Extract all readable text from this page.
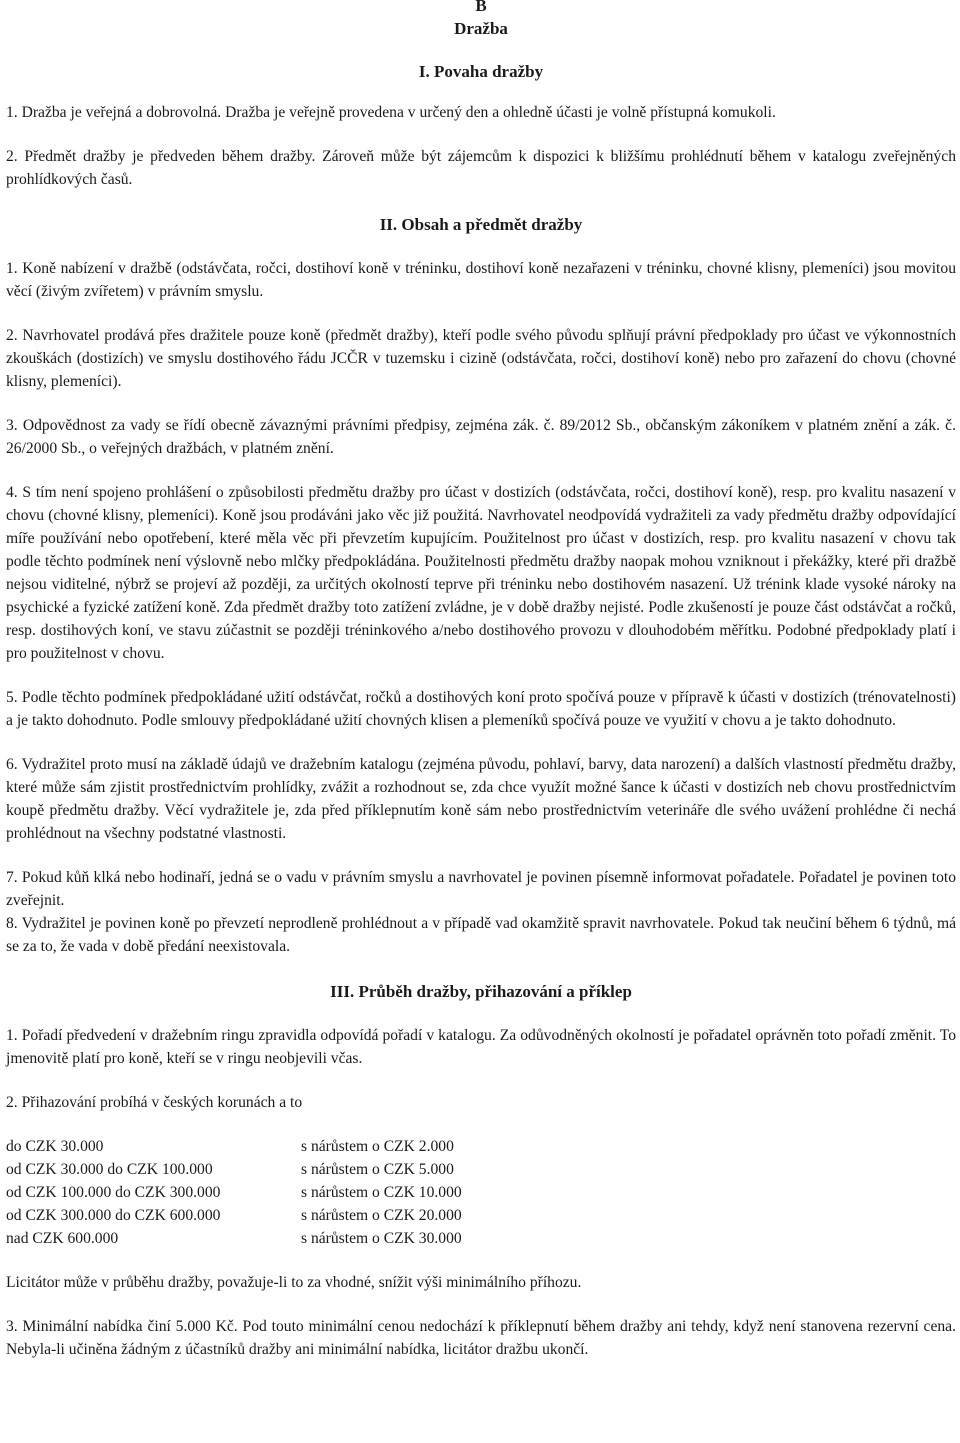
B

Dražba

I. Povaha dražby

1. Dražba je veřejná a dobrovolná. Dražba je veřejně provedena v určený den a ohledně účasti je volně přístupná komukoli.

2. Předmět dražby je předveden během dražby. Zároveň může být zájemcům k dispozici k bližšímu prohlédnutí během v katalogu zveřejněných prohlídkových časů.

II. Obsah a předmět dražby

1. Koně nabízení v dražbě (odstávčata, ročci, dostihoví koně v tréninku, dostihoví koně nezařazeni v tréninku, chovné klisny, plemeníci) jsou movitou věcí (živým zvířetem) v právním smyslu.

2. Navrhovatel prodává přes dražitele pouze koně (předmět dražby), kteří podle svého původu splňují právní předpoklady pro účast ve výkonnostních zkouškách (dostizích) ve smyslu dostihového řádu JCČR v tuzemsku i cizině (odstávčata, ročci, dostihoví koně) nebo pro zařazení do chovu (chovné klisny, plemeníci).

3. Odpovědnost za vady se řídí obecně závaznými právními předpisy, zejména zák. č. 89/2012 Sb., občanským zákoníkem v platném znění a zák. č. 26/2000 Sb., o veřejných dražbách, v platném znění.

4. S tím není spojeno prohlášení o způsobilosti předmětu dražby pro účast v dostizích (odstávčata, ročci, dostihoví koně), resp. pro kvalitu nasazení v chovu (chovné klisny, plemeníci). Koně jsou prodáváni jako věc již použitá. Navrhovatel neodpovídá vydražiteli za vady předmětu dražby odpovídající míře používání nebo opotřebení, které měla věc při převzetím kupujícím. Použitelnost pro účast v dostizích, resp. pro kvalitu nasazení v chovu tak podle těchto podmínek není výslovně nebo mlčky předpokládána. Použitelnosti předmětu dražby naopak mohou vzniknout i překážky, které při dražbě nejsou viditelné, nýbrž se projeví až později, za určitých okolností teprve při tréninku nebo dostihovém nasazení. Už trénink klade vysoké nároky na psychické a fyzické zatížení koně. Zda předmět dražby toto zatížení zvládne, je v době dražby nejisté. Podle zkušeností je pouze část odstávčat a ročků, resp. dostihových koní, ve stavu zúčastnit se později tréninkového a/nebo dostihového provozu v dlouhodobém měřítku. Podobné předpoklady platí i pro použitelnost v chovu.

5. Podle těchto podmínek předpokládané užití odstávčat, ročků a dostihových koní proto spočívá pouze v přípravě k účasti v dostizích (trénovatelnosti) a je takto dohodnuto. Podle smlouvy předpokládané užití chovných klisen a plemeníků spočívá pouze ve využití v chovu a je takto dohodnuto.

6. Vydražitel proto musí na základě údajů ve dražebním katalogu (zejména původu, pohlaví, barvy, data narození) a dalších vlastností předmětu dražby, které může sám zjistit prostřednictvím prohlídky, zvážit a rozhodnout se, zda chce využít možné šance k účasti v dostizích neb chovu prostřednictvím koupě předmětu dražby. Věcí vydražitele je, zda před příklepnutím koně sám nebo prostřednictvím veterináře dle svého uvážení prohlédne či nechá prohlédnout na všechny podstatné vlastnosti.

7. Pokud kůň klká nebo hodinaří, jedná se o vadu v právním smyslu a navrhovatel je povinen písemně informovat pořadatele. Pořadatel je povinen toto zveřejnit.

8. Vydražitel je povinen koně po převzetí neprodleně prohlédnout a v případě vad okamžitě spravit navrhovatele. Pokud tak neučiní během 6 týdnů, má se za to, že vada v době předání neexistovala.

III. Průběh dražby, přihazování a příklep

1. Pořadí předvedení v dražebním ringu zpravidla odpovídá pořadí v katalogu. Za odůvodněných okolností je pořadatel oprávněn toto pořadí změnit. To jmenovitě platí pro koně, kteří se v ringu neobjevili včas.

2. Přihazování probíhá v českých korunách a to

do CZK 30.000	s nárůstem o CZK 2.000
od CZK 30.000 do CZK 100.000	s nárůstem o CZK 5.000
od CZK 100.000 do CZK 300.000	s nárůstem o CZK 10.000
od CZK 300.000 do CZK 600.000	s nárůstem o CZK 20.000
nad CZK 600.000	s nárůstem o CZK 30.000

Licitátor může v průběhu dražby, považuje-li to za vhodné, snížit výši minimálního příhozu.

3. Minimální nabídka činí 5.000 Kč. Pod touto minimální cenou nedochází k příklepnutí během dražby ani tehdy, když není stanovena rezervní cena. Nebyla-li učiněna žádným z účastníků dražby ani minimální nabídka, licitátor dražbu ukončí.
